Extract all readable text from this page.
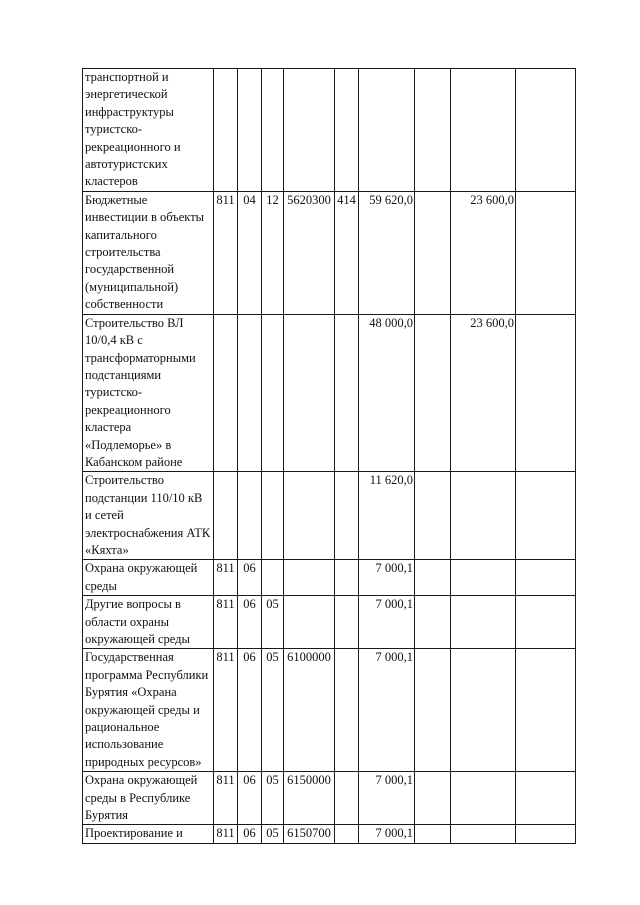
транспортной и энергетической инфраструктуры туристско-рекреационного и автотуристских кластеров									
Бюджетные инвестиции в объекты капитального строительства государственной (муниципальной) собственности	811	04	12	5620300	414	59 620,0		23 600,0	
Строительство ВЛ 10/0,4 кВ с трансформаторными подстанциями туристско-рекреационного кластера «Подлеморье» в Кабанском районе						48 000,0		23 600,0	
Строительство подстанции 110/10 кВ и сетей электроснабжения АТК «Кяхта»						11 620,0			
Охрана окружающей среды	811	06				7 000,1			
Другие вопросы в области охраны окружающей среды	811	06	05			7 000,1			
Государственная программа Республики Бурятия «Охрана окружающей среды и рациональное использование природных ресурсов»	811	06	05	6100000		7 000,1			
Охрана окружающей среды в Республике Бурятия	811	06	05	6150000		7 000,1			
Проектирование и	811	06	05	6150700		7 000,1			
